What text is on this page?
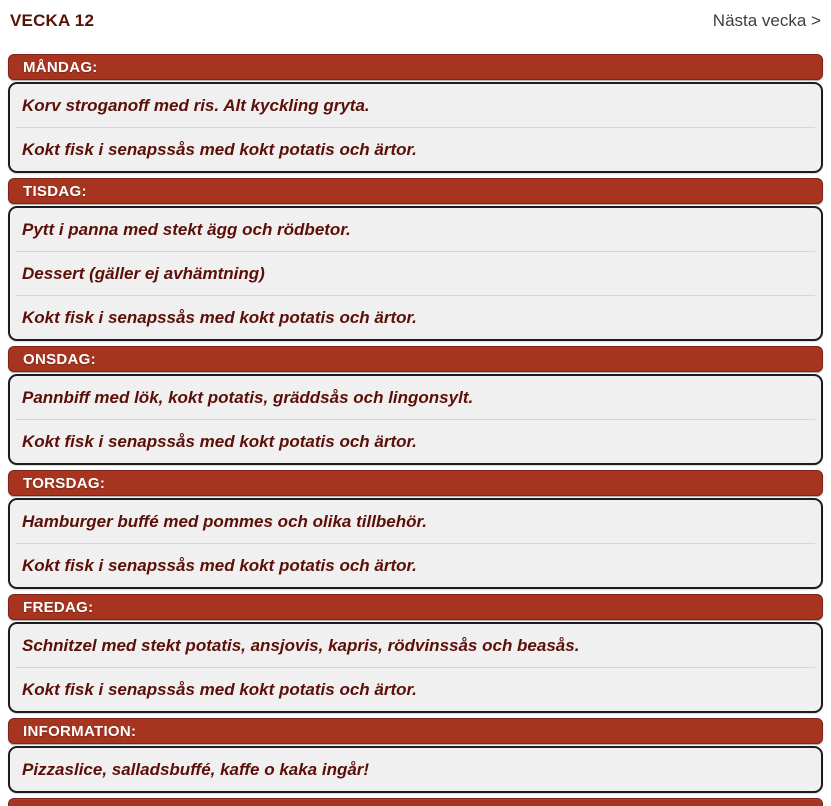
VECKA 12	Nästa vecka >
MÅNDAG:
Korv stroganoff med ris. Alt kyckling gryta.
Kokt fisk i senapssås med kokt potatis och ärtor.
TISDAG:
Pytt i panna med stekt ägg och rödbetor.
Dessert (gäller ej avhämtning)
Kokt fisk i senapssås med kokt potatis och ärtor.
ONSDAG:
Pannbiff med lök, kokt potatis, gräddsås och lingonsylt.
Kokt fisk i senapssås med kokt potatis och ärtor.
TORSDAG:
Hamburger buffé med pommes och olika tillbehör.
Kokt fisk i senapssås med kokt potatis och ärtor.
FREDAG:
Schnitzel med stekt potatis, ansjovis, kapris, rödvinssås och beasås.
Kokt fisk i senapssås med kokt potatis och ärtor.
INFORMATION:
Pizzaslice, salladsbuffé, kaffe o kaka ingår!
